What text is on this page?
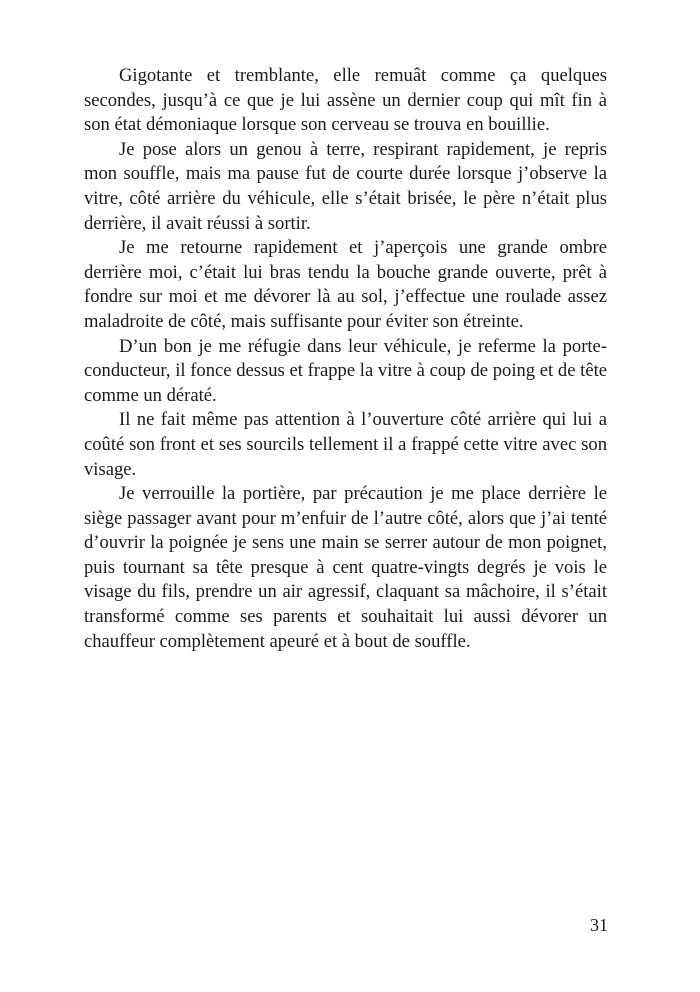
Gigotante et tremblante, elle remuât comme ça quelques secondes, jusqu’à ce que je lui assène un dernier coup qui mît fin à son état démoniaque lorsque son cerveau se trouva en bouillie.

Je pose alors un genou à terre, respirant rapidement, je repris mon souffle, mais ma pause fut de courte durée lorsque j’observe la vitre, côté arrière du véhicule, elle s’était brisée, le père n’était plus derrière, il avait réussi à sortir.

Je me retourne rapidement et j’aperçois une grande ombre derrière moi, c’était lui bras tendu la bouche grande ouverte, prêt à fondre sur moi et me dévorer là au sol, j’effectue une roulade assez maladroite de côté, mais suffisante pour éviter son étreinte.

D’un bon je me réfugie dans leur véhicule, je referme la porte-conducteur, il fonce dessus et frappe la vitre à coup de poing et de tête comme un dératé.

Il ne fait même pas attention à l’ouverture côté arrière qui lui a coûté son front et ses sourcils tellement il a frappé cette vitre avec son visage.

Je verrouille la portière, par précaution je me place derrière le siège passager avant pour m’enfuir de l’autre côté, alors que j’ai tenté d’ouvrir la poignée je sens une main se serrer autour de mon poignet, puis tournant sa tête presque à cent quatre-vingts degrés je vois le visage du fils, prendre un air agressif, claquant sa mâchoire, il s’était transformé comme ses parents et souhaitait lui aussi dévorer un chauffeur complètement apeuré et à bout de souffle.

31
